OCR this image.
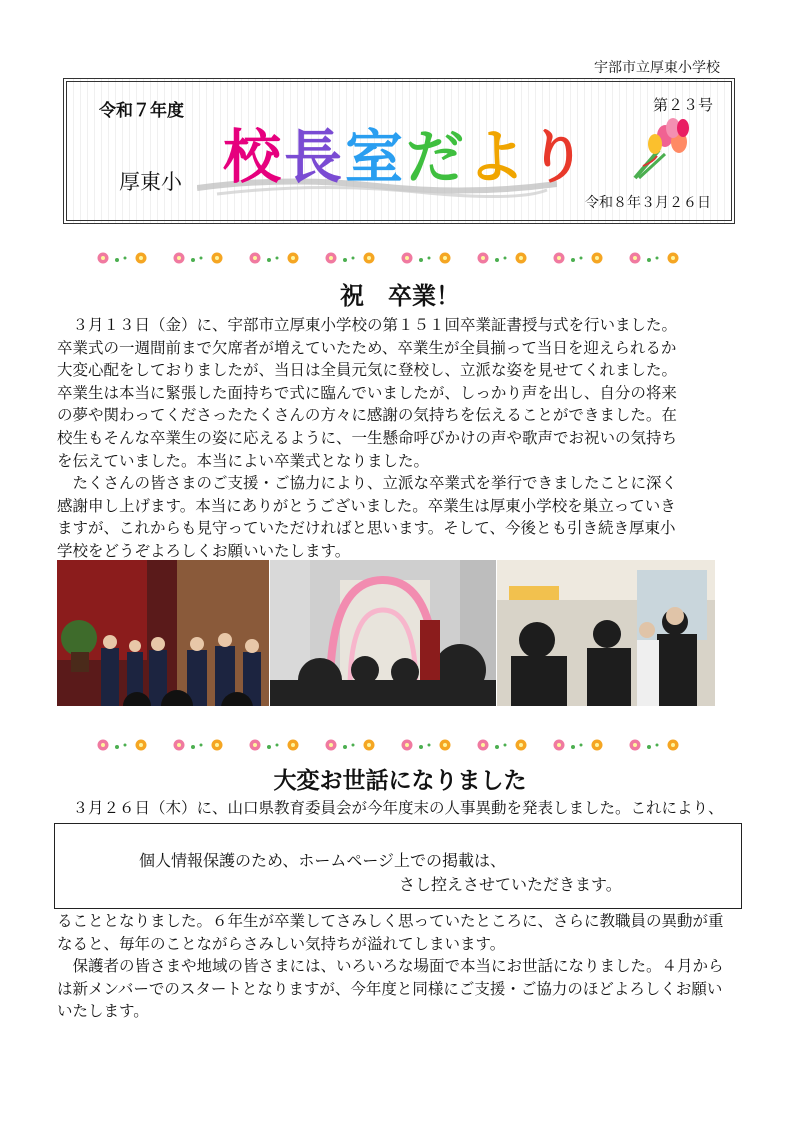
宇部市立厚東小学校
令和７年度	第２３号
厚東小 校長室だより
令和８年３月２６日
祝　卒業！
　３月１３日（金）に、宇部市立厚東小学校の第１５１回卒業証書授与式を行いました。
卒業式の一週間前まで欠席者が増えていたため、卒業生が全員揃って当日を迎えられるか
大変心配をしておりましたが、当日は全員元気に登校し、立派な姿を見せてくれました。
卒業生は本当に緊張した面持ちで式に臨んでいましたが、しっかり声を出し、自分の将来
の夢や関わってくださったたくさんの方々に感謝の気持ちを伝えることができました。在
校生もそんな卒業生の姿に応えるように、一生懸命呼びかけの声や歌声でお祝いの気持ち
を伝えていました。本当によい卒業式となりました。
　たくさんの皆さまのご支援・ご協力により、立派な卒業式を挙行できましたことに深く
感謝申し上げます。本当にありがとうございました。卒業生は厚東小学校を巣立っていき
ますが、これからも見守っていただければと思います。そして、今後とも引き続き厚東小
学校をどうぞよろしくお願いいたします。
大変お世話になりました
　３月２６日（木）に、山口県教育委員会が今年度末の人事異動を発表しました。これにより、
個人情報保護のため、ホームページ上での掲載は、
さし控えさせていただきます。
ることとなりました。６年生が卒業してさみしく思っていたところに、さらに教職員の異動が重
なると、毎年のことながらさみしい気持ちが溢れてしまいます。
　保護者の皆さまや地域の皆さまには、いろいろな場面で本当にお世話になりました。４月から
は新メンバーでのスタートとなりますが、今年度と同様にご支援・ご協力のほどよろしくお願い
いたします。
